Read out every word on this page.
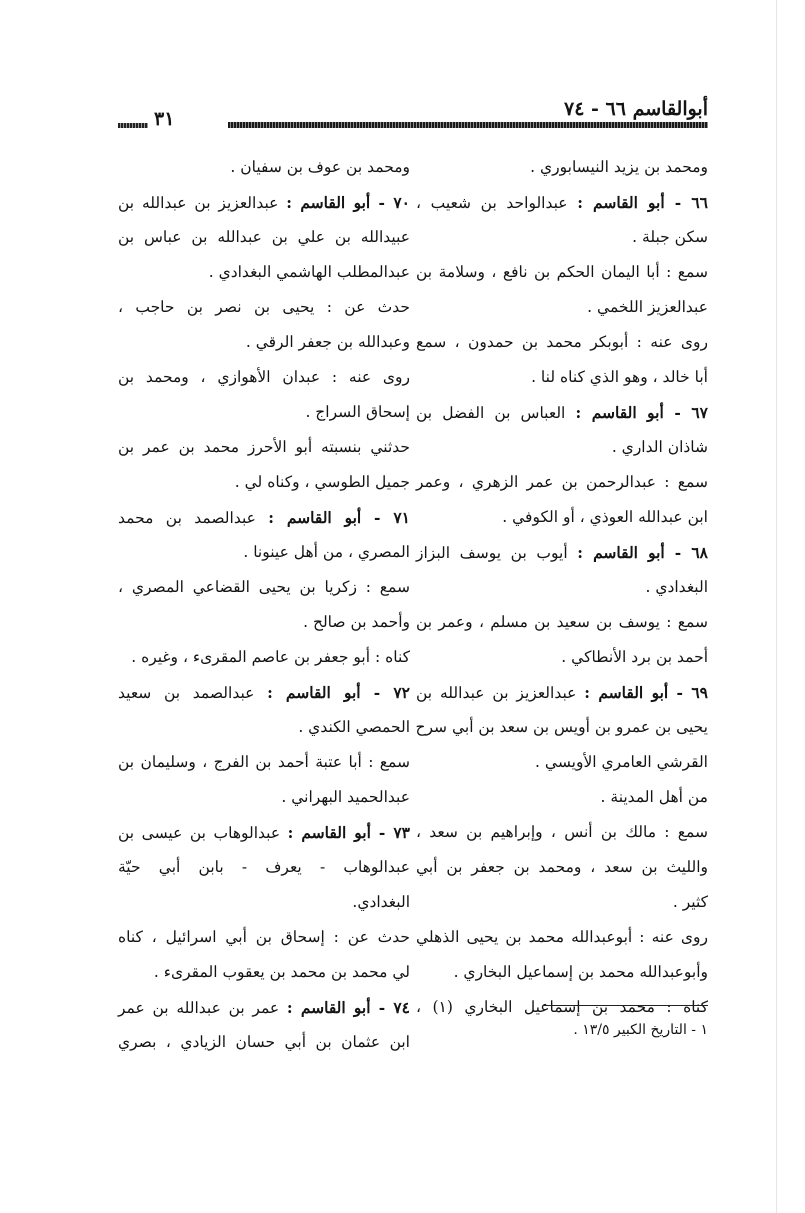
أبوالقاسم ٦٦ - ٧٤
٣١
ومحمد بن يزيد النيسابوري .
٦٦ - أبو القاسم : عبدالواحد بن شعيب ،
سكن جبلة .
سمع : أبا اليمان الحكم بن نافع ، وسلامة بن
عبدالعزيز اللخمي .
روى عنه : أبوبكر محمد بن حمدون ، سمع
أبا خالد ، وهو الذي كناه لنا .
٦٧ - أبو القاسم : العباس بن الفضل بن
شاذان الداري .
سمع : عبدالرحمن بن عمر الزهري ، وعمر
ابن عبدالله العوذي ، أو الكوفي .
٦٨ - أبو القاسم : أيوب بن يوسف البزاز
البغدادي .
سمع : يوسف بن سعيد بن مسلم ، وعمر بن
أحمد بن برد الأنطاكي .
٦٩ - أبو القاسم : عبدالعزيز بن عبدالله بن
يحيى بن عمرو بن أويس بن سعد بن أبي سرح
القرشي العامري الأويسي .
من أهل المدينة .
سمع : مالك بن أنس ، وإبراهيم بن سعد ،
والليث بن سعد ، ومحمد بن جعفر بن أبي
كثير .
روى عنه : أبوعبدالله محمد بن يحيى الذهلي
وأبوعبدالله محمد بن إسماعيل البخاري .
كناه : محمد بن إسماعيل البخاري (١) ،
ومحمد بن عوف بن سفيان .
٧٠ - أبو القاسم : عبدالعزيز بن عبدالله بن
عبيدالله بن علي بن عبدالله بن عباس بن
عبدالمطلب الهاشمي البغدادي .
حدث عن : يحيى بن نصر بن حاجب ،
وعبدالله بن جعفر الرقي .
روى عنه : عبدان الأهوازي ، ومحمد بن
إسحاق السراج .
حدثني بنسبته أبو الأحرز محمد بن عمر بن
جميل الطوسي ، وكناه لي .
٧١ - أبو القاسم : عبدالصمد بن محمد
المصري ، من أهل عينونا .
سمع : زكريا بن يحيى القضاعي المصري ،
وأحمد بن صالح .
كناه : أبو جعفر بن عاصم المقرىء ، وغيره .
٧٢ - أبو القاسم : عبدالصمد بن سعيد
الحمصي الكندي .
سمع : أبا عتبة أحمد بن الفرج ، وسليمان بن
عبدالحميد البهراني .
٧٣ - أبو القاسم : عبدالوهاب بن عيسى بن
عبدالوهاب - يعرف - بابن أبي حيّة
البغدادي.
حدث عن : إسحاق بن أبي اسرائيل ، كناه
لي محمد بن محمد بن يعقوب المقرىء .
٧٤ - أبو القاسم : عمر بن عبدالله بن عمر
ابن عثمان بن أبي حسان الزيادي ، بصري
١ - التاريخ الكبير ١٣/٥ .
